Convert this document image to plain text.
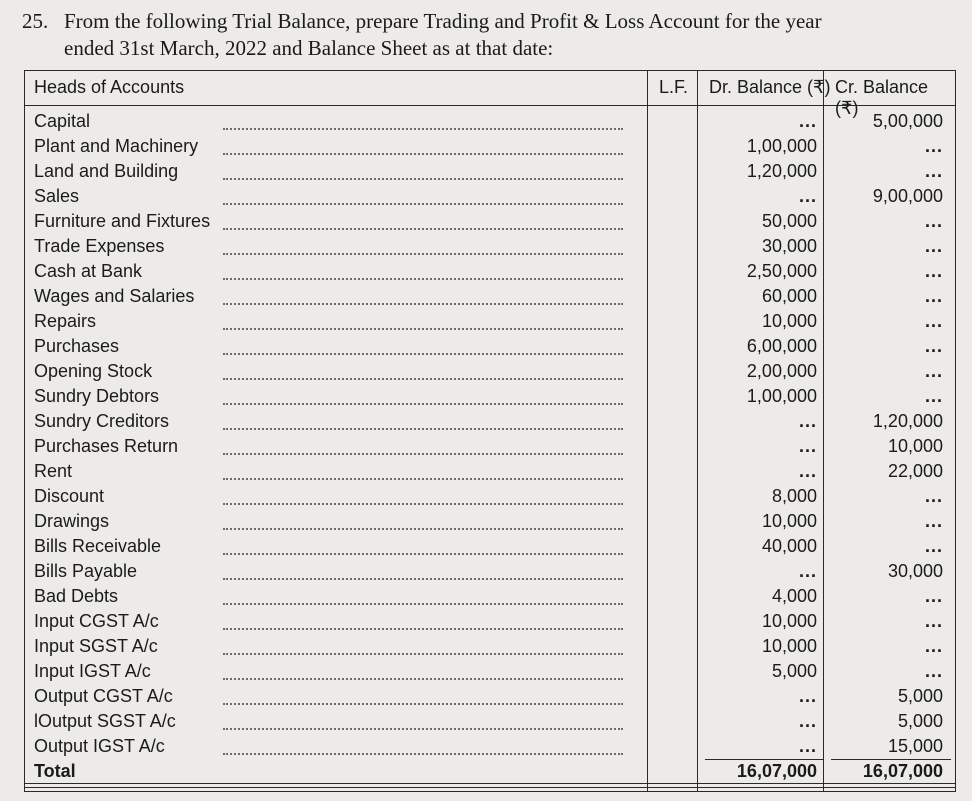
25. From the following Trial Balance, prepare Trading and Profit & Loss Account for the year
ended 31st March, 2022 and Balance Sheet as at that date:
Heads of Accounts	L.F. Dr. Balance (₹) Cr. Balance (₹)
Capital	...	5,00,000
Plant and Machinery	1,00,000	...
Land and Building	1,20,000	...
Sales	...	9,00,000
Furniture and Fixtures	50,000	...
Trade Expenses	30,000	...
Cash at Bank	2,50,000	...
Wages and Salaries	60,000	...
Repairs	10,000	...
Purchases	6,00,000	...
Opening Stock	2,00,000	...
Sundry Debtors	1,00,000	...
Sundry Creditors	...	1,20,000
Purchases Return	...	10,000
Rent	...	22,000
Discount	8,000	...
Drawings	10,000	...
Bills Receivable	40,000	...
Bills Payable	...	30,000
Bad Debts	4,000	...
Input CGST A/c	10,000	...
Input SGST A/c	10,000	...
Input IGST A/c	5,000	...
Output CGST A/c	...	5,000
lOutput SGST A/c	...	5,000
Output IGST A/c	...	15,000
Total	16,07,000	16,07,000
